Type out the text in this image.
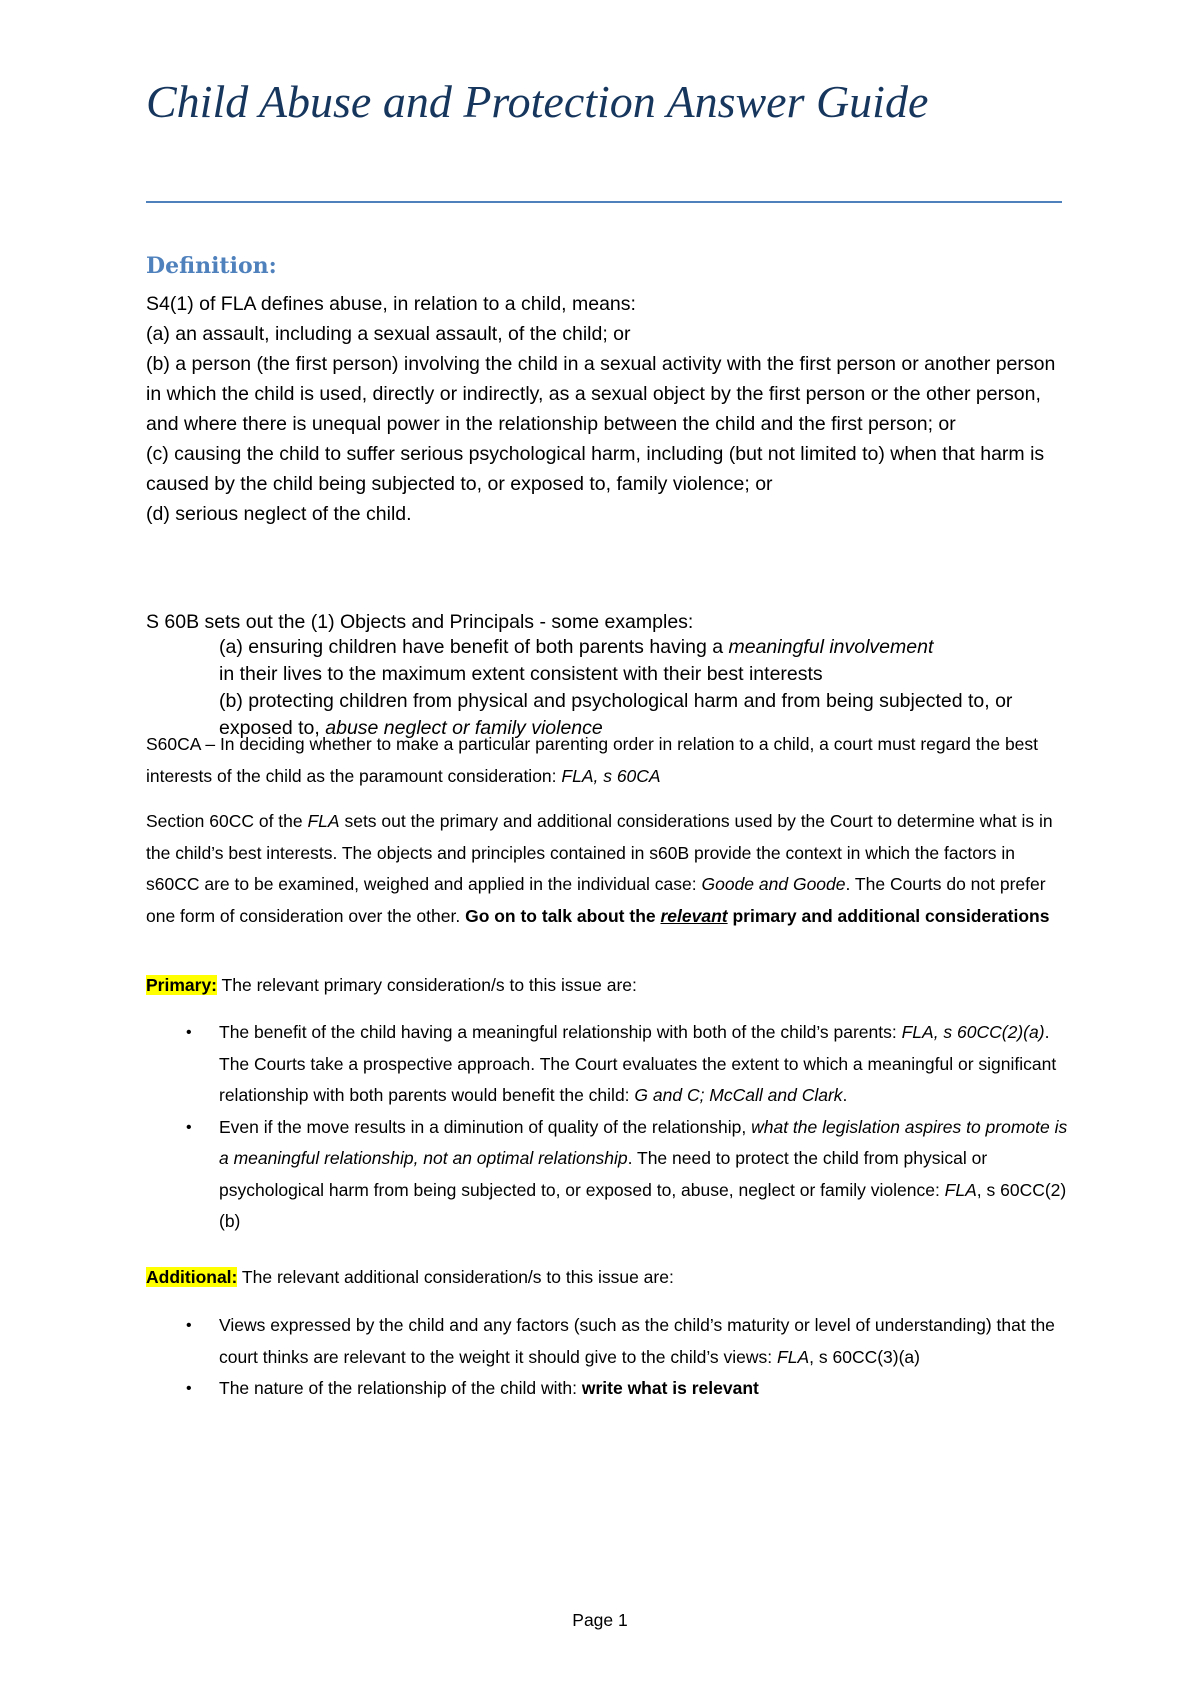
Child Abuse and Protection Answer Guide
Definition:

S4(1) of FLA defines abuse, in relation to a child, means:

(a) an assault, including a sexual assault, of the child; or

(b) a person (the first person) involving the child in a sexual activity with the first person or another person in which the child is used, directly or indirectly, as a sexual object by the first person or the other person, and where there is unequal power in the relationship between the child and the first person; or

(c) causing the child to suffer serious psychological harm, including (but not limited to) when that harm is caused by the child being subjected to, or exposed to, family violence; or

(d) serious neglect of the child.

S 60B sets out the (1) Objects and Principals - some examples:

(a) ensuring children have benefit of both parents having a meaningful involvement
in their lives to the maximum extent consistent with their best interests

(b) protecting children from physical and psychological harm and from being subjected to, or exposed to, abuse neglect or family violence

S60CA – In deciding whether to make a particular parenting order in relation to a child, a court must regard the best interests of the child as the paramount consideration: FLA, s 60CA

Section 60CC of the FLA sets out the primary and additional considerations used by the Court to determine what is in the child’s best interests. The objects and principles contained in s60B provide the context in which the factors in s60CC are to be examined, weighed and applied in the individual case: Goode and Goode. The Courts do not prefer one form of consideration over the other. Go on to talk about the relevant primary and additional considerations

Primary: The relevant primary consideration/s to this issue are:

• The benefit of the child having a meaningful relationship with both of the child’s parents: FLA, s 60CC(2)(a). The Courts take a prospective approach. The Court evaluates the extent to which a meaningful or significant relationship with both parents would benefit the child: G and C; McCall and Clark.
• Even if the move results in a diminution of quality of the relationship, what the legislation aspires to promote is a meaningful relationship, not an optimal relationship. The need to protect the child from physical or psychological harm from being subjected to, or exposed to, abuse, neglect or family violence: FLA, s 60CC(2)(b)

Additional: The relevant additional consideration/s to this issue are:

• Views expressed by the child and any factors (such as the child’s maturity or level of understanding) that the court thinks are relevant to the weight it should give to the child’s views: FLA, s 60CC(3)(a)
• The nature of the relationship of the child with: write what is relevant
Page 1
